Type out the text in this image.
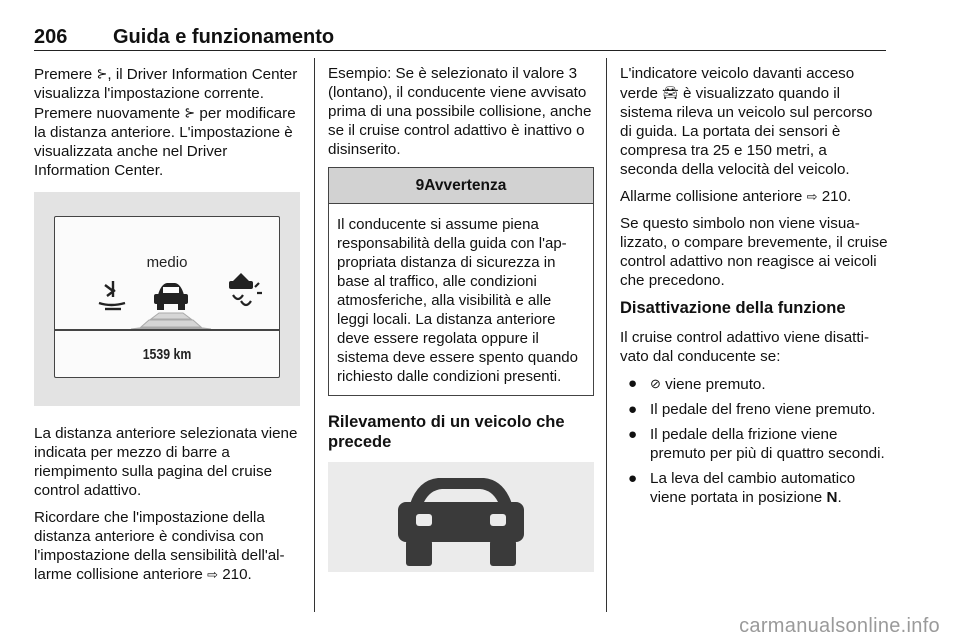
206 Guida e funzionamento

Premere ⊱, il Driver Information Center visualizza l'impostazione corrente. Premere nuovamente ⊱ per modificare la distanza anteriore. L'impostazione è visualizzata anche nel Driver Information Center.

medio
1539 km

La distanza anteriore selezionata viene indicata per mezzo di barre a riempimento sulla pagina del cruise control adattivo.

Ricordare che l'impostazione della distanza anteriore è condivisa con l'impostazione della sensibilità dell'al- larme collisione anteriore ⇨ 210.

Esempio: Se è selezionato il valore 3 (lontano), il conducente viene avvisato prima di una possibile collisione, anche se il cruise control adattivo è inattivo o disinserito.

9Avvertenza
Il conducente si assume piena responsabilità della guida con l'ap- propriata distanza di sicurezza in base al traffico, alle condizioni atmosferiche, alla visibilità e alle leggi locali. La distanza anteriore deve essere regolata oppure il sistema deve essere spento quando richiesto dalle condizioni presenti.
Rilevamento di un veicolo che precede

L'indicatore veicolo davanti acceso verde 🚘︎ è visualizzato quando il sistema rileva un veicolo sul percorso di guida. La portata dei sensori è compresa tra 25 e 150 metri, a seconda della velocità del veicolo.

Allarme collisione anteriore ⇨ 210.

Se questo simbolo non viene visua- lizzato, o compare brevemente, il cruise control adattivo non reagisce ai veicoli che precedono.

Disattivazione della funzione

Il cruise control adattivo viene disatti- vato dal conducente se:

● ⊘ viene premuto.
● Il pedale del freno viene premuto.
● Il pedale della frizione viene premuto per più di quattro secondi.
● La leva del cambio automatico viene portata in posizione N.
carmanualsonline.info
